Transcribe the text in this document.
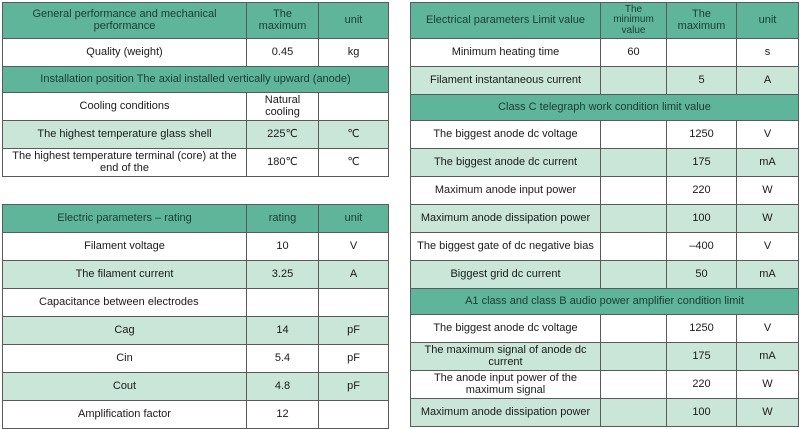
General performance and mechanical performance	The maximum	unit
Quality (weight)	0.45	kg
Installation position The axial installed vertically upward (anode)		
Cooling conditions	Natural cooling	
The highest temperature glass shell	225℃	℃
The highest temperature terminal (core) at the end of the	180℃	℃
Electric parameters – rating	rating	unit
Filament voltage	10	V
The filament current	3.25	A
Capacitance between electrodes		
Cag	14	pF
Cin	5.4	pF
Cout	4.8	pF
Amplification factor	12	
Electrical parameters Limit value	The minimum value	The maximum	unit
Minimum heating time	60		s
Filament instantaneous current		5	A
Class C telegraph work condition limit value			
The biggest anode dc voltage		1250	V
The biggest anode dc current		175	mA
Maximum anode input power		220	W
Maximum anode dissipation power		100	W
The biggest gate of dc negative bias		–400	V
Biggest grid dc current		50	mA
A1 class and class B audio power amplifier condition limit			
The biggest anode dc voltage		1250	V
The maximum signal of anode dc current		175	mA
The anode input power of the maximum signal		220	W
Maximum anode dissipation power		100	W
